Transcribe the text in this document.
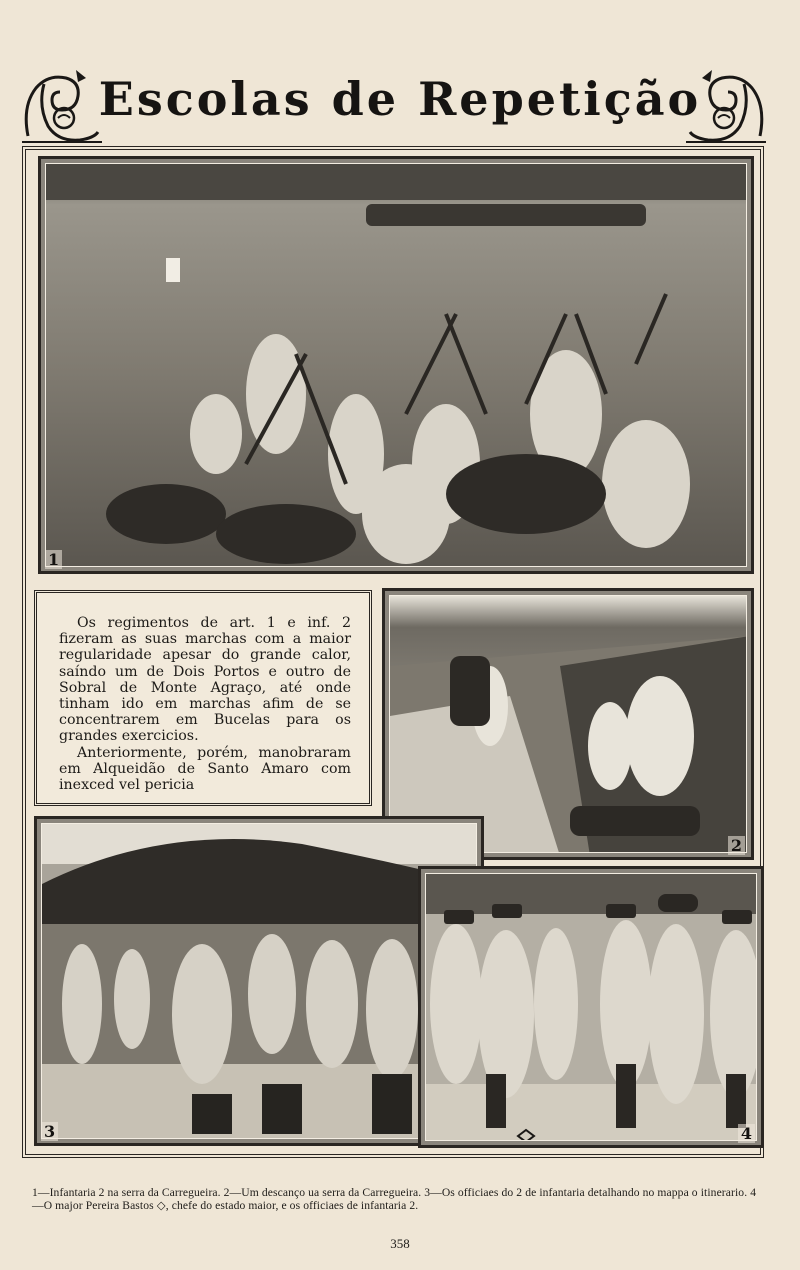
Escolas de Repetição
1

Os regimentos de art. 1 e inf. 2 fizeram as suas marchas com a maior regularidade apesar do grande calor, saíndo um de Dois Portos e outro de Sobral de Monte Agraço, até onde tinham ido em marchas afim de se concentrarem em Bucelas para os grandes exercicios.

Anteriormente, porém, manobraram em Alqueidão de Santo Amaro com inexced vel pericia

2
3	4
1—Infantaria 2 na serra da Carregueira. 2—Um descanço ua serra da Carregueira. 3—Os officiaes do 2 de infantaria detalhando no mappa o itinerario. 4—O major Pereira Bastos ◇, chefe do estado maior, e os officiaes de infantaria 2.
358
